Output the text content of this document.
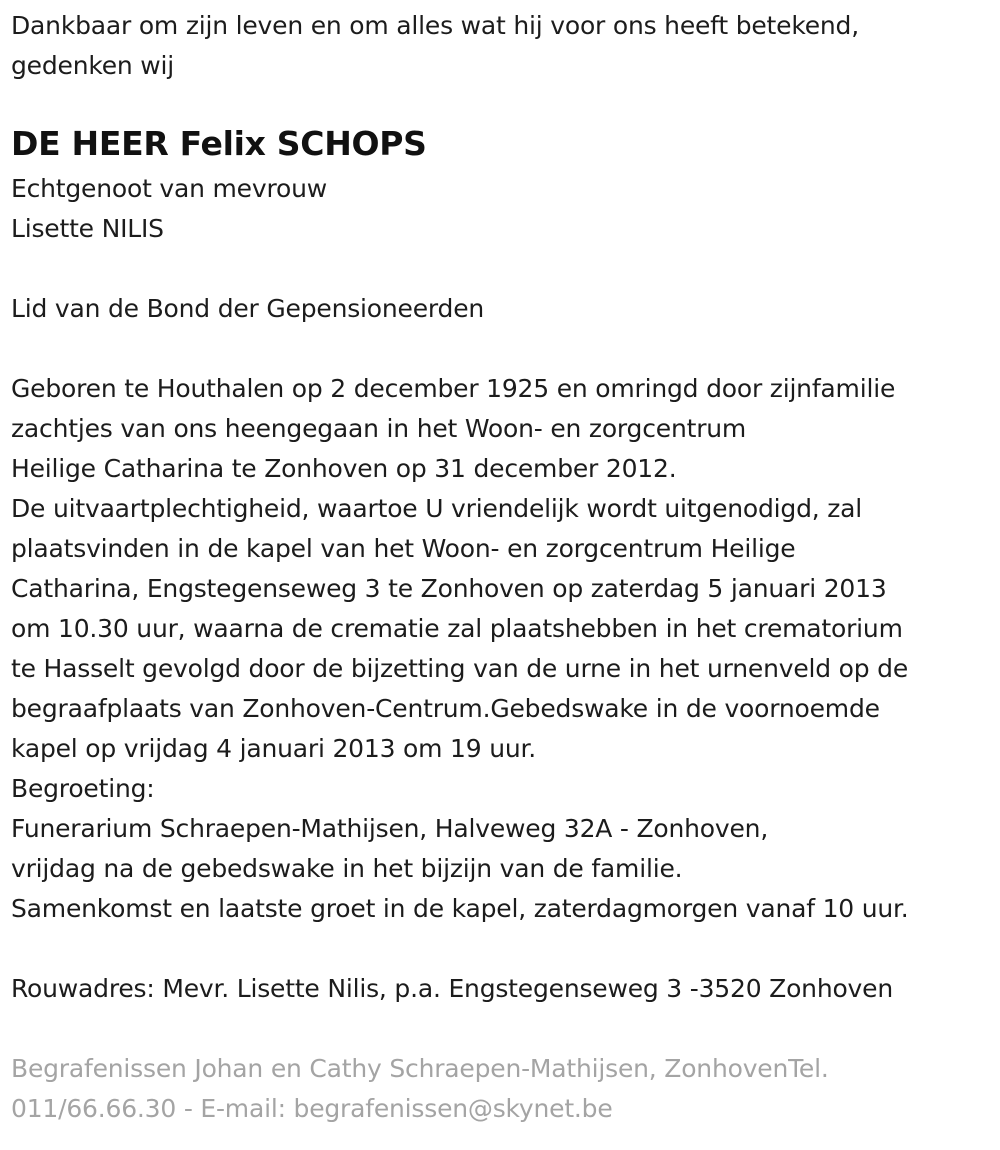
Dankbaar om zijn leven en om alles wat hij voor ons heeft betekend,
gedenken wij
DE HEER Felix SCHOPS
Echtgenoot van mevrouw
Lisette NILIS
Lid van de Bond der Gepensioneerden
Geboren te Houthalen op 2 december 1925 en omringd door zijnfamilie
zachtjes van ons heengegaan in het Woon- en zorgcentrum
Heilige Catharina te Zonhoven op 31 december 2012.
De uitvaartplechtigheid, waartoe U vriendelijk wordt uitgenodigd, zal
plaatsvinden in de kapel van het Woon- en zorgcentrum Heilige
Catharina, Engstegenseweg 3 te Zonhoven op zaterdag 5 januari 2013
om 10.30 uur, waarna de crematie zal plaatshebben in het crematorium
te Hasselt gevolgd door de bijzetting van de urne in het urnenveld op de
begraafplaats van Zonhoven-Centrum.Gebedswake in de voornoemde
kapel op vrijdag 4 januari 2013 om 19 uur.
Begroeting:
Funerarium Schraepen-Mathijsen, Halveweg 32A - Zonhoven,
vrijdag na de gebedswake in het bijzijn van de familie.
Samenkomst en laatste groet in de kapel, zaterdagmorgen vanaf 10 uur.
Rouwadres: Mevr. Lisette Nilis, p.a. Engstegenseweg 3 -3520 Zonhoven
Begrafenissen Johan en Cathy Schraepen-Mathijsen, ZonhovenTel.
011/66.66.30 - E-mail: begrafenissen@skynet.be
